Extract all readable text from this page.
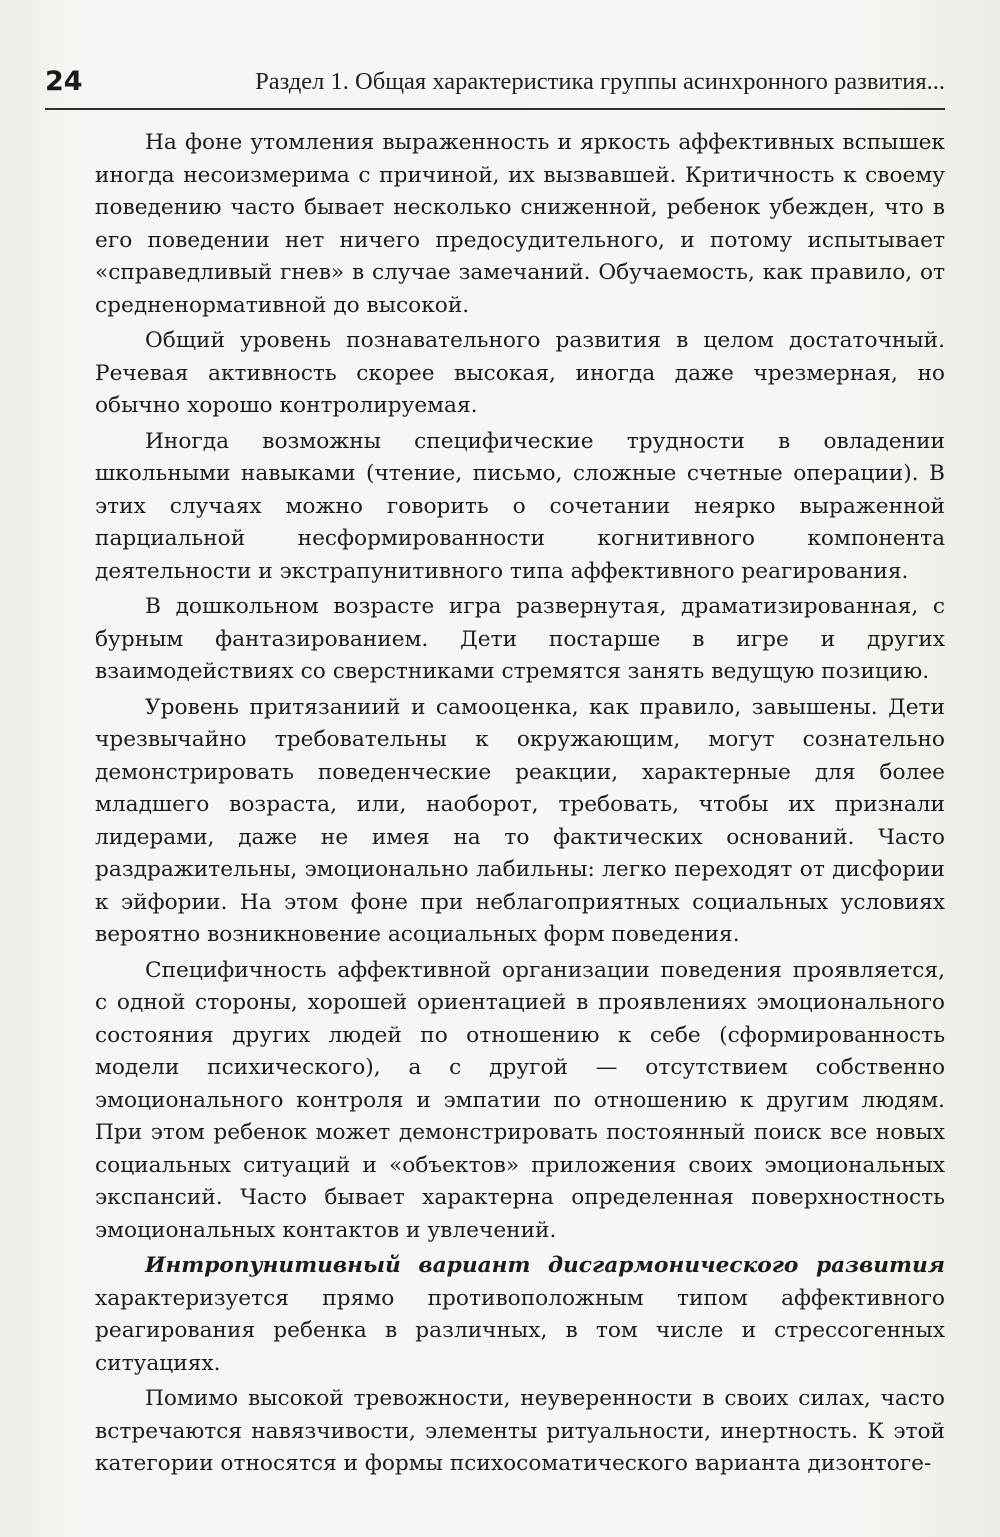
24	Раздел 1. Общая характеристика группы асинхронного развития...

На фоне утомления выраженность и яркость аффективных вспышек иногда несоизмерима с причиной, их вызвавшей. Критичность к своему поведению часто бывает несколько сниженной, ребенок убежден, что в его поведении нет ничего предосудительного, и потому испытывает «справедливый гнев» в случае замечаний. Обучаемость, как правило, от средненормативной до высокой.

Общий уровень познавательного развития в целом достаточный. Речевая активность скорее высокая, иногда даже чрезмерная, но обычно хорошо контролируемая.

Иногда возможны специфические трудности в овладении школьными навыками (чтение, письмо, сложные счетные операции). В этих случаях можно говорить о сочетании неярко выраженной парциальной несформированности когнитивного компонента деятельности и экстрапунитивного типа аффективного реагирования.

В дошкольном возрасте игра развернутая, драматизированная, с бурным фантазированием. Дети постарше в игре и других взаимодействиях со сверстниками стремятся занять ведущую позицию.

Уровень притязаниий и самооценка, как правило, завышены. Дети чрезвычайно требовательны к окружающим, могут сознательно демонстрировать поведенческие реакции, характерные для более младшего возраста, или, наоборот, требовать, чтобы их признали лидерами, даже не имея на то фактических оснований. Часто раздражительны, эмоционально лабильны: легко переходят от дисфории к эйфории. На этом фоне при неблагоприятных социальных условиях вероятно возникновение асоциальных форм поведения.

Специфичность аффективной организации поведения проявляется, с одной стороны, хорошей ориентацией в проявлениях эмоционального состояния других людей по отношению к себе (сформированность модели психического), а с другой — отсутствием собственно эмоционального контроля и эмпатии по отношению к другим людям. При этом ребенок может демонстрировать постоянный поиск все новых социальных ситуаций и «объектов» приложения своих эмоциональных экспансий. Часто бывает характерна определенная поверхностность эмоциональных контактов и увлечений.

Интропунитивный вариант дисгармонического развития характеризуется прямо противоположным типом аффективного реагирования ребенка в различных, в том числе и стрессогенных ситуациях.

Помимо высокой тревожности, неуверенности в своих силах, часто встречаются навязчивости, элементы ритуальности, инертность. К этой категории относятся и формы психосоматического варианта дизонтоге-
